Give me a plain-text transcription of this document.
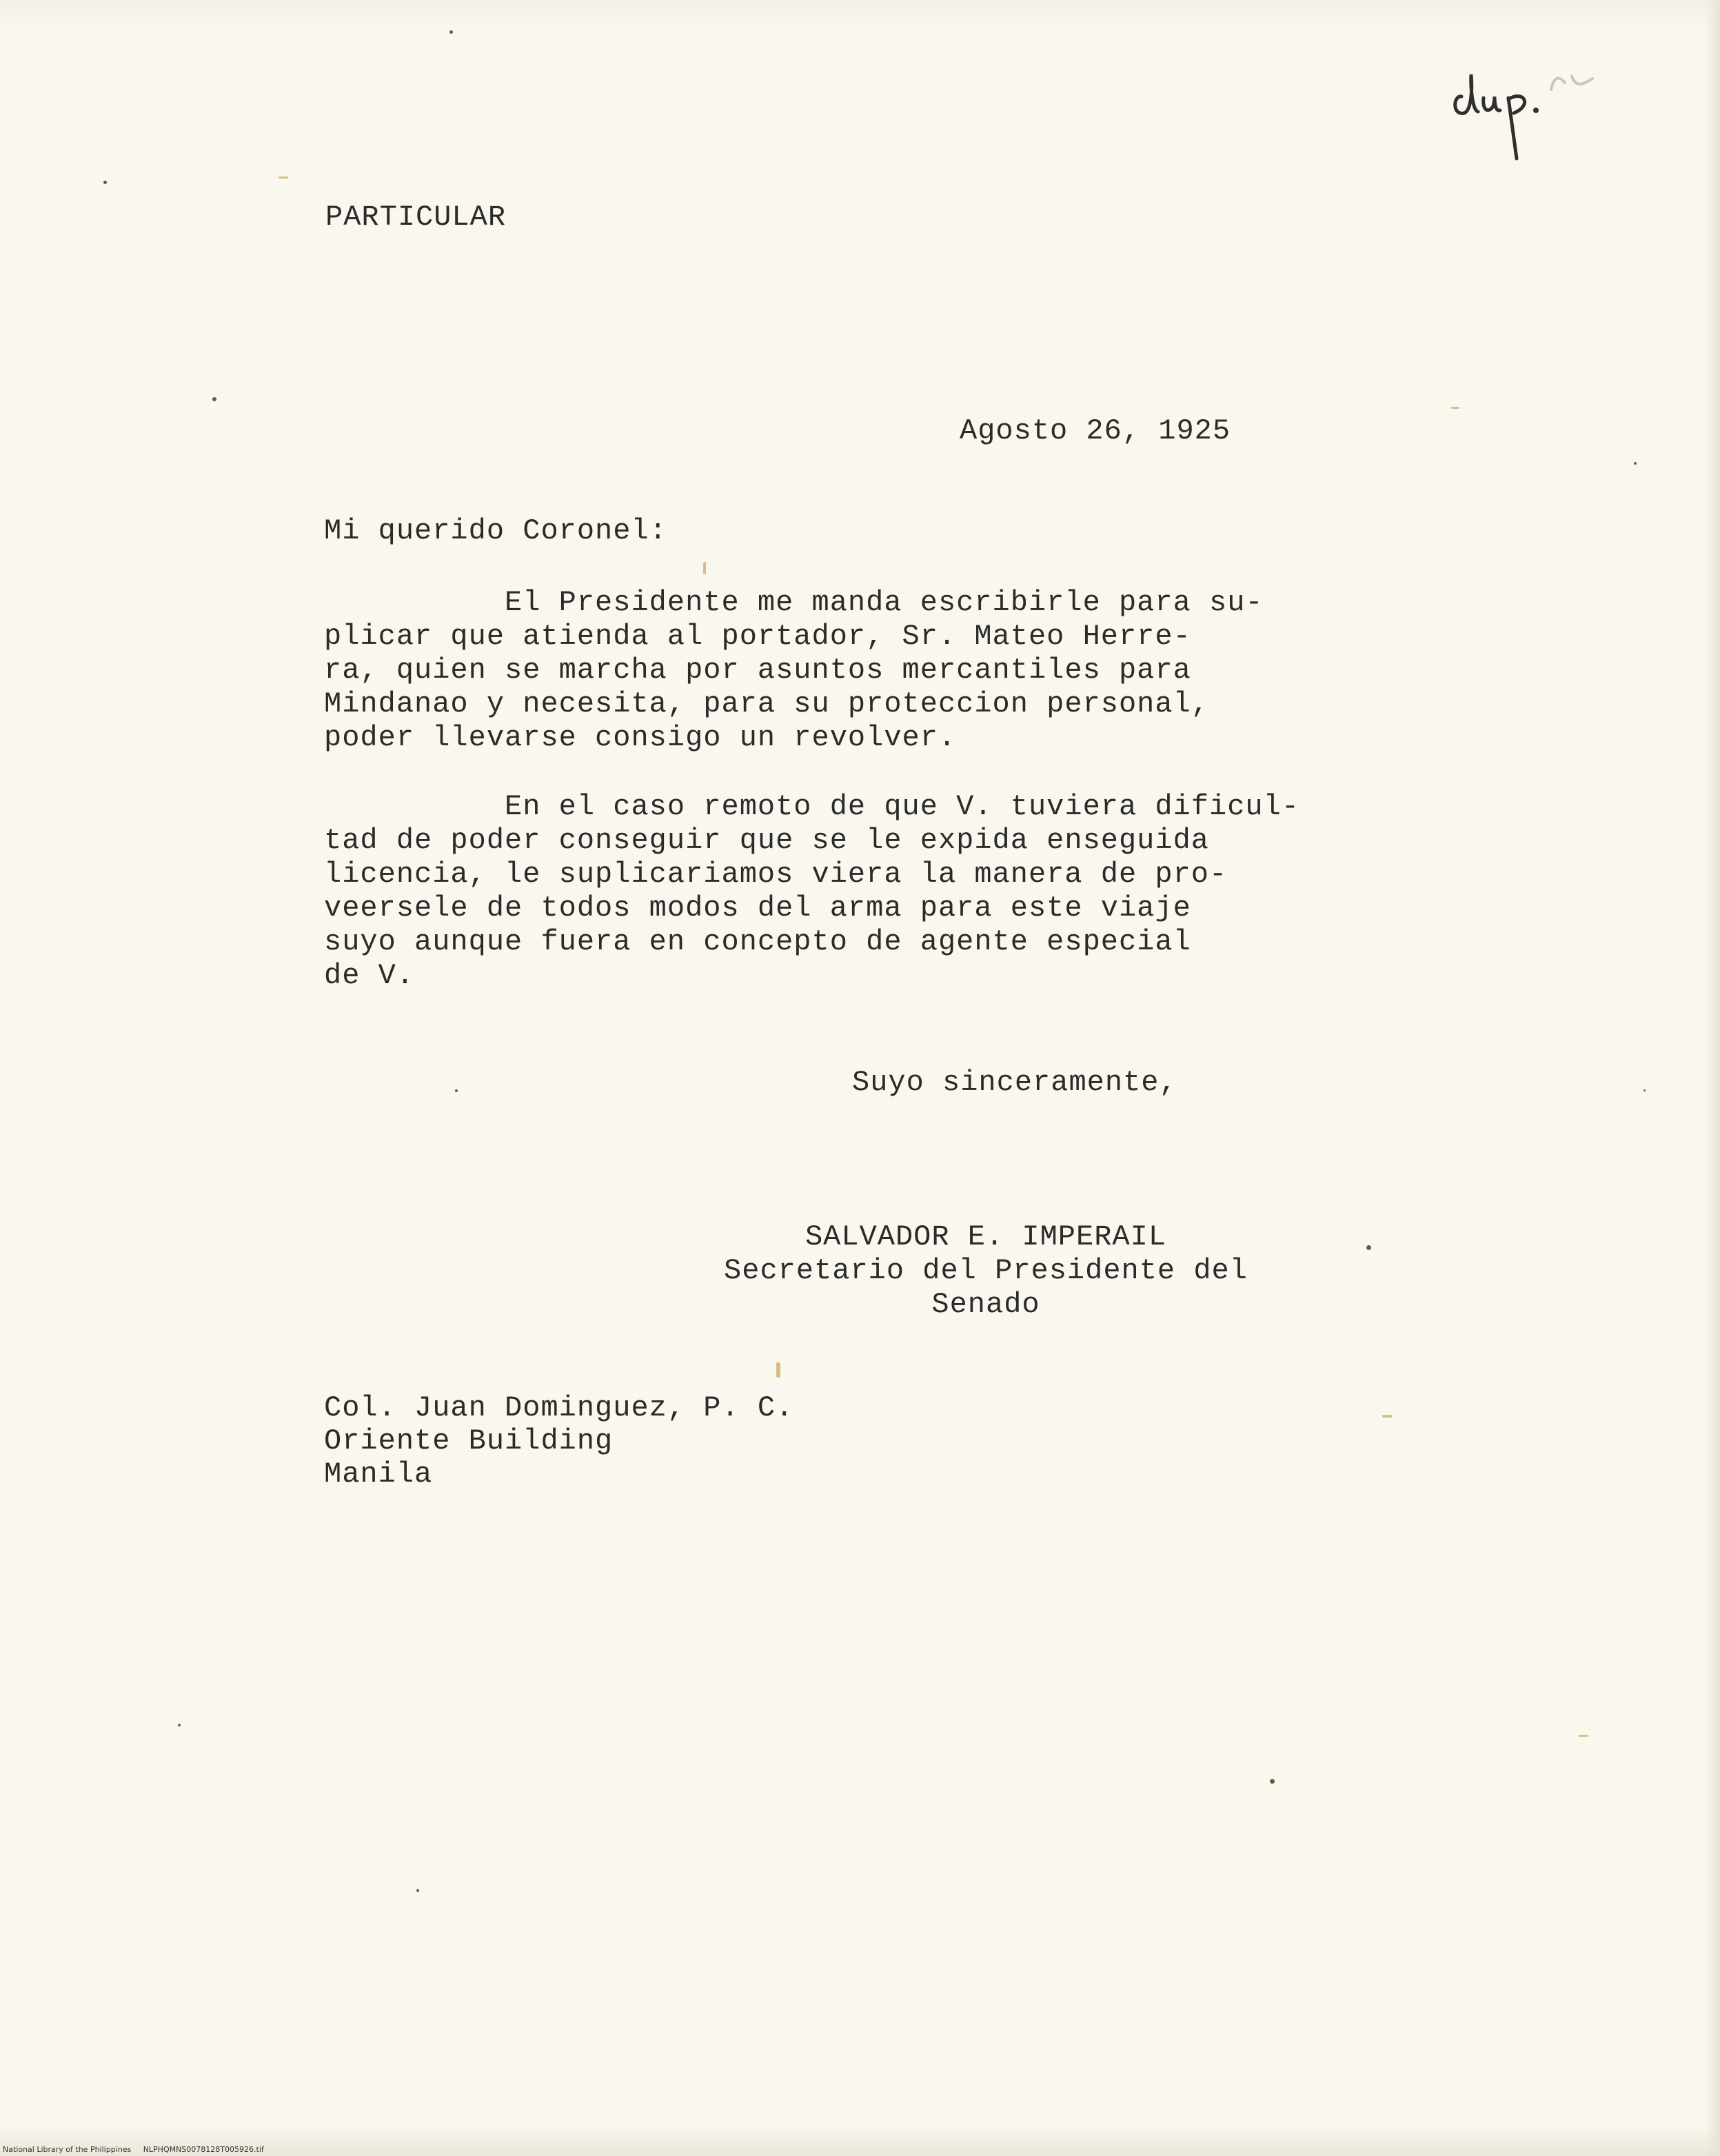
dup.
PARTICULAR
Agosto 26, 1925
Mi querido Coronel:
El Presidente me manda escribirle para su-
plicar que atienda al portador, Sr. Mateo Herre-
ra, quien se marcha por asuntos mercantiles para
Mindanao y necesita, para su proteccion personal,
poder llevarse consigo un revolver.
En el caso remoto de que V. tuviera dificul-
tad de poder conseguir que se le expida enseguida
licencia, le suplicariamos viera la manera de pro-
veersele de todos modos del arma para este viaje
suyo aunque fuera en concepto de agente especial
de V.
Suyo sinceramente,
SALVADOR E. IMPERAIL
Secretario del Presidente del
Senado
Col. Juan Dominguez, P. C.
Oriente Building
Manila
National Library of the Philippines     NLPHQMNS0078128T005926.tif
